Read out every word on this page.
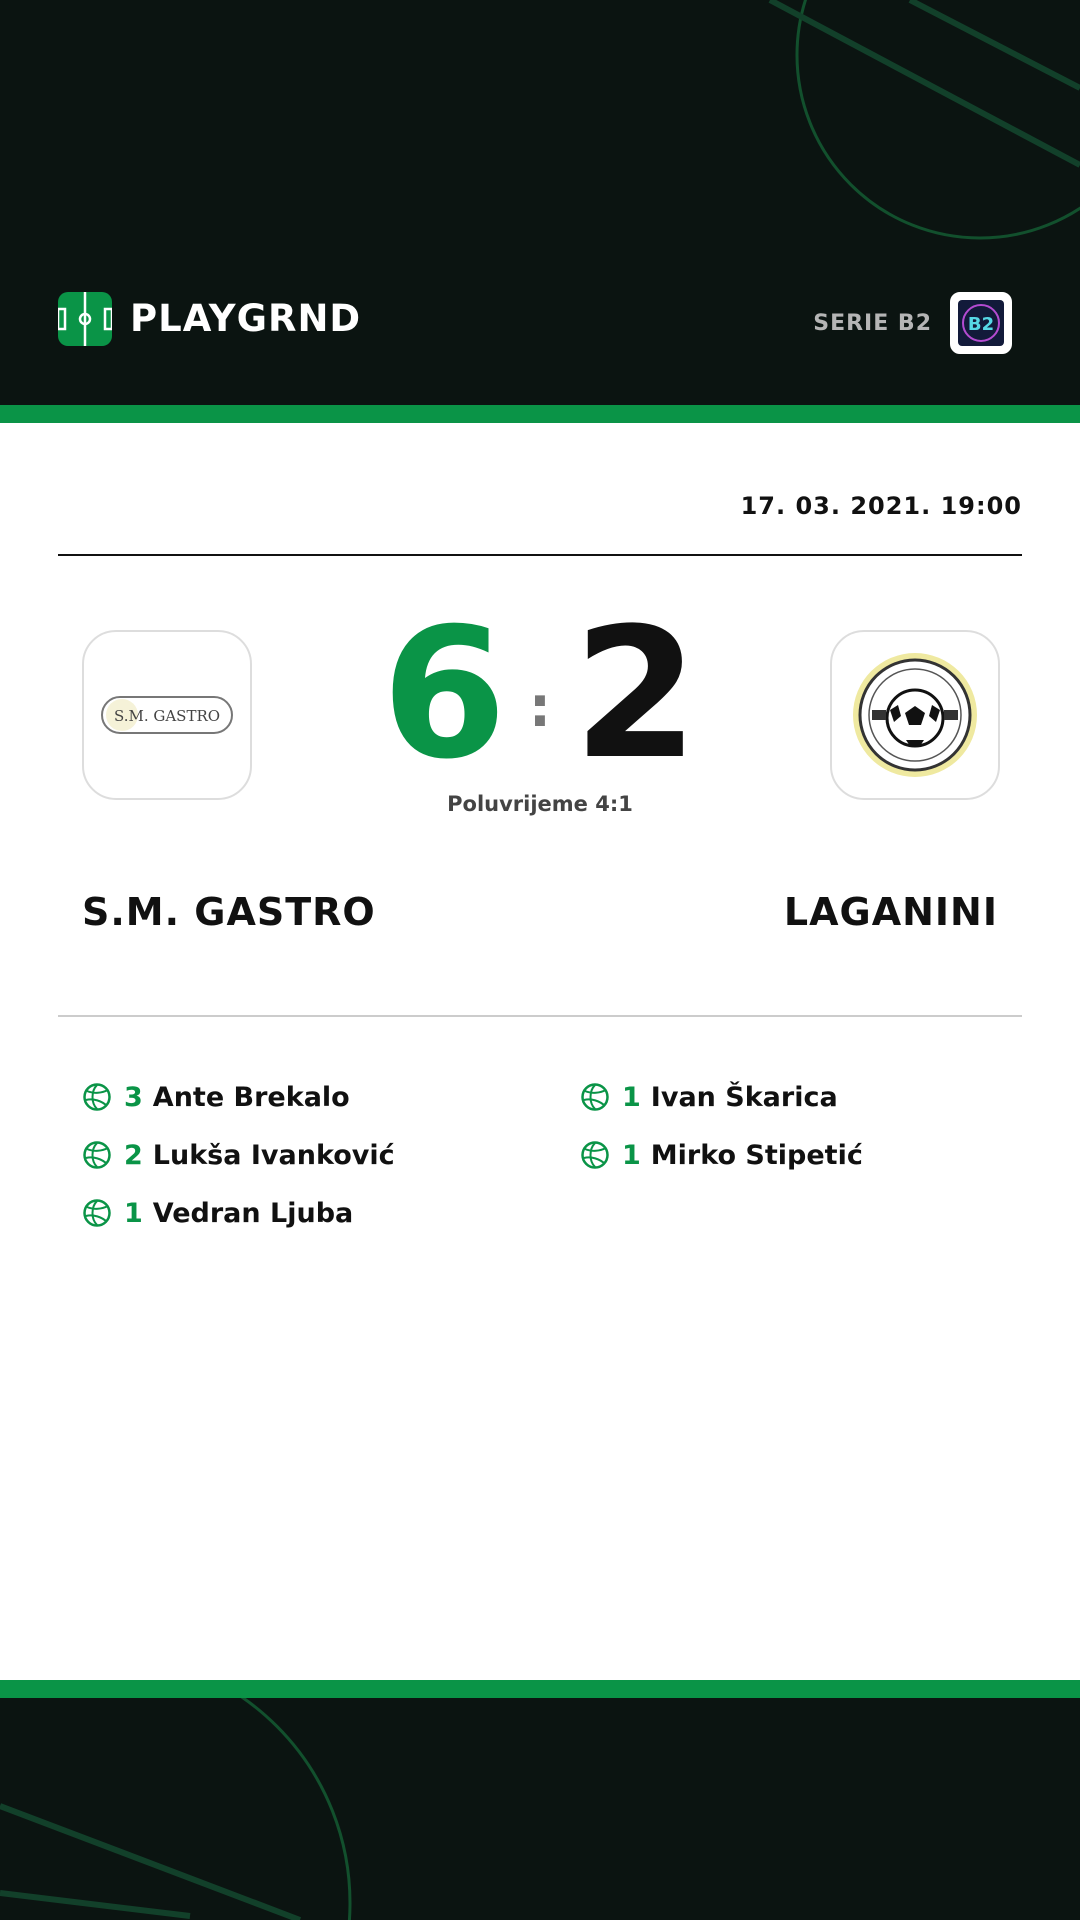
PLAYGRND	SERIE B2 B2
17. 03. 2021. 19:00
S.M. GASTRO 6 : 2
Poluvrijeme 4:1
S.M. GASTRO	LAGANINI
3 Ante Brekalo
2 Lukša Ivanković
1 Vedran Ljuba
1 Ivan Škarica
1 Mirko Stipetić
